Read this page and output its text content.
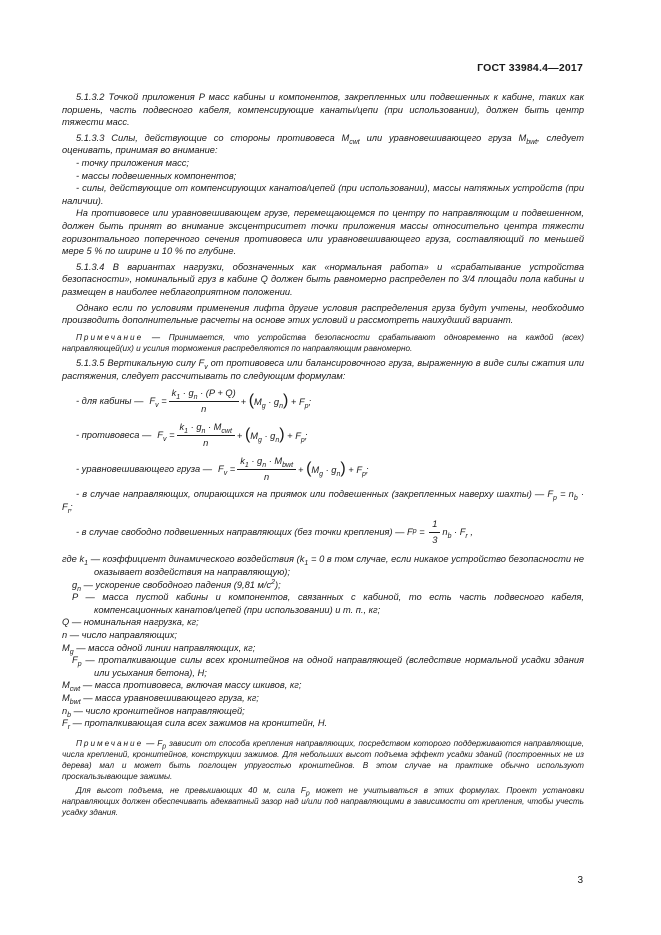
ГОСТ 33984.4—2017

5.1.3.2 Точкой приложения P масс кабины и компонентов, закрепленных или подвешенных к кабине, таких как поршень, часть подвесного кабеля, компенсирующие канаты/цепи (при использовании), должен быть центр тяжести масс.

5.1.3.3 Силы, действующие со стороны противовеса $M_{cwt}$ или уравновешивающего груза $M_{bwt}$, следует оценивать, принимая во внимание:

- точку приложения масс;

- массы подвешенных компонентов;

- силы, действующие от компенсирующих канатов/цепей (при использовании), массы натяжных устройств (при наличии).

На противовесе или уравновешивающем грузе, перемещающемся по центру по направляющим и подвешенном, должен быть принят во внимание эксцентриситет точки приложения массы относительно центра тяжести горизонтального поперечного сечения противовеса или уравновешивающего груза, составляющий по меньшей мере 5 % по ширине и 10 % по глубине.

5.1.3.4 В вариантах нагрузки, обозначенных как «нормальная работа» и «срабатывание устройства безопасности», номинальный груз в кабине Q должен быть равномерно распределен по 3/4 площади пола кабины и размещен в наиболее неблагоприятном положении.

Однако если по условиям применения лифта другие условия распределения груза будут учтены, необходимо производить дополнительные расчеты на основе этих условий и рассмотреть наихудший вариант.

Примечание — Принимается, что устройства безопасности срабатывают одновременно на каждой (всех) направляющей(их) и усилия торможения распределяются по направляющим равномерно.

5.1.3.5 Вертикальную силу $F_v$ от противовеса или балансировочного груза, выраженную в виде силы сжатия или растяжения, следует рассчитывать по следующим формулам:

- для кабины — $F_v = \frac{k_1 \cdot g_n \cdot (P + Q)}{n} + (M_g \cdot g_n) + F_p$;
- противовеса — $F_v = \frac{k_1 \cdot g_n \cdot M_{cwt}}{n} + (M_g \cdot g_n) + F_p$;
- уравновешивающего груза — $F_v = \frac{k_1 \cdot g_n \cdot M_{bwt}}{n} + (M_g \cdot g_n) + F_p$;

- в случае направляющих, опирающихся на приямок или подвешенных (закрепленных наверху шахты) — $F_p = n_b \cdot F_r$;

- в случае свободно подвешенных направляющих (без точки крепления) — F $p = \frac{1}{3} n_b \cdot F_r$ ,

где $k_1$ — коэффициент динамического воздействия ($k_1 = 0$ в том случае, если никакое устройство безопасности не оказывает воздействия на направляющую);

$g_n$ — ускорение свободного падения (9,81 $м/с^2$);

P — масса пустой кабины и компонентов, связанных с кабиной, то есть часть подвесного кабеля, компенсационных канатов/цепей (при использовании) и т. п., кг;

Q — номинальная нагрузка, кг;

n — число направляющих;

$M_g$ — масса одной линии направляющих, кг;

$F_p$ — проталкивающие силы всех кронштейнов на одной направляющей (вследствие нормальной усадки здания или усыхания бетона), H;

$M_{cwt}$ — масса противовеса, включая массу шкивов, кг;

$M_{bwt}$ — масса уравновешивающего груза, кг;

$n_b$ — число кронштейнов направляющей;

$F_r$ — проталкивающая сила всех зажимов на кронштейн, Н.

Примечание — $F_p$ зависит от способа крепления направляющих, посредством которого поддерживаются направляющие, числа креплений, кронштейнов, конструкции зажимов. Для небольших высот подъема эффект усадки зданий (построенных не из дерева) мал и может быть поглощен упругостью кронштейнов. В этом случае на практике обычно используют проскальзывающие зажимы.

Для высот подъема, не превышающих 40 м, сила $F_p$ может не учитываться в этих формулах. Проект установки направляющих должен обеспечивать адекватный зазор над и/или под направляющими в зависимости от крепления, чтобы учесть усадку здания.

3
